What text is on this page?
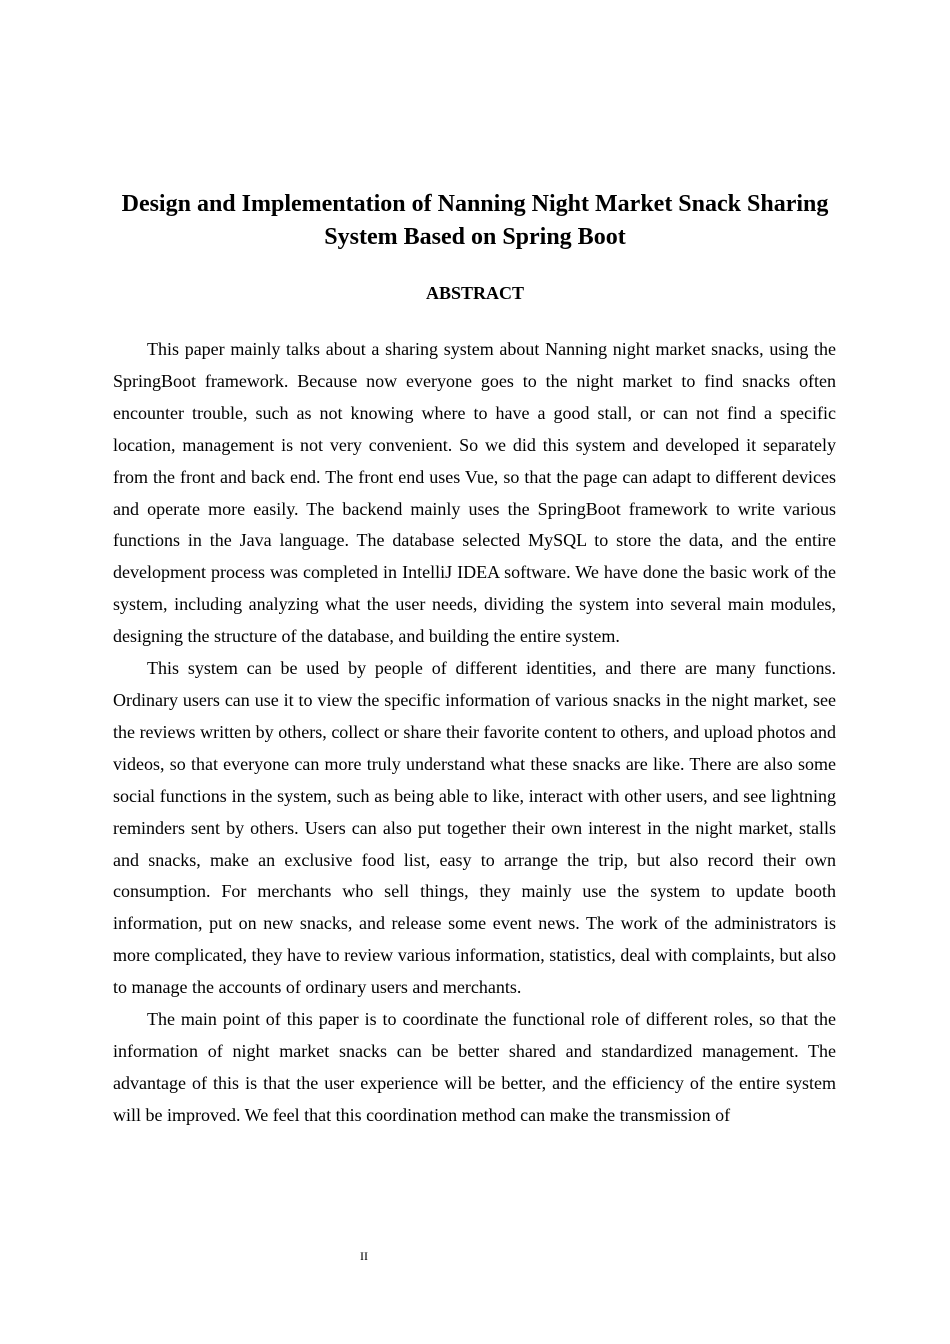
Design and Implementation of Nanning Night Market Snack Sharing System Based on Spring Boot
ABSTRACT

This paper mainly talks about a sharing system about Nanning night market snacks, using the SpringBoot framework. Because now everyone goes to the night market to find snacks often encounter trouble, such as not knowing where to have a good stall, or can not find a specific location, management is not very convenient. So we did this system and developed it separately from the front and back end. The front end uses Vue, so that the page can adapt to different devices and operate more easily. The backend mainly uses the SpringBoot framework to write various functions in the Java language. The database selected MySQL to store the data, and the entire development process was completed in IntelliJ IDEA software. We have done the basic work of the system, including analyzing what the user needs, dividing the system into several main modules, designing the structure of the database, and building the entire system.

This system can be used by people of different identities, and there are many functions. Ordinary users can use it to view the specific information of various snacks in the night market, see the reviews written by others, collect or share their favorite content to others, and upload photos and videos, so that everyone can more truly understand what these snacks are like. There are also some social functions in the system, such as being able to like, interact with other users, and see lightning reminders sent by others. Users can also put together their own interest in the night market, stalls and snacks, make an exclusive food list, easy to arrange the trip, but also record their own consumption. For merchants who sell things, they mainly use the system to update booth information, put on new snacks, and release some event news. The work of the administrators is more complicated, they have to review various information, statistics, deal with complaints, but also to manage the accounts of ordinary users and merchants.

The main point of this paper is to coordinate the functional role of different roles, so that the information of night market snacks can be better shared and standardized management. The advantage of this is that the user experience will be better, and the efficiency of the entire system will be improved. We feel that this coordination method can make the transmission of

II
